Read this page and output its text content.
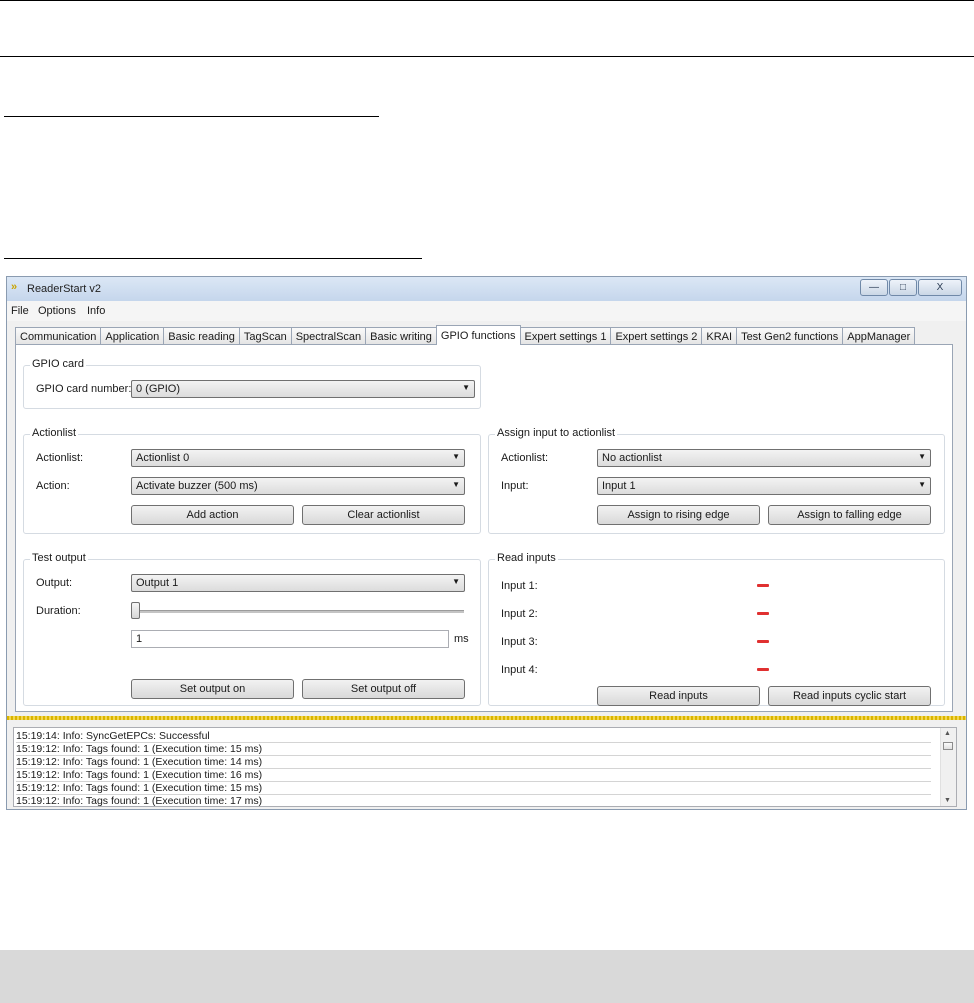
» ReaderStart v2	— □	X
File Options Info
Communication Application Basic reading TagScan SpectralScan Basic writing GPIO functions Expert settings 1 Expert settings 2 KRAI Test Gen2 functions AppManager
GPIO card
GPIO card number: 0 (GPIO)	▼
Actionlist
Actionlist:	Actionlist 0	▼
Action:	Activate buzzer (500 ms)	▼
Add action	Clear actionlist
Assign input to actionlist
Actionlist:	No actionlist	▼
Input:	Input 1	▼
Assign to rising edge	Assign to falling edge
Test output
Output:	Output 1	▼
Duration:
1	ms
Set output on	Set output off
Read inputs
Input 1:
Input 2:
Input 3:
Input 4:
Read inputs	Read inputs cyclic start
15:19:14: Info: SyncGetEPCs: Successful
15:19:12: Info: Tags found: 1 (Execution time: 15 ms)
15:19:12: Info: Tags found: 1 (Execution time: 14 ms)
15:19:12: Info: Tags found: 1 (Execution time: 16 ms)
15:19:12: Info: Tags found: 1 (Execution time: 15 ms)
15:19:12: Info: Tags found: 1 (Execution time: 17 ms)
▲
▼
